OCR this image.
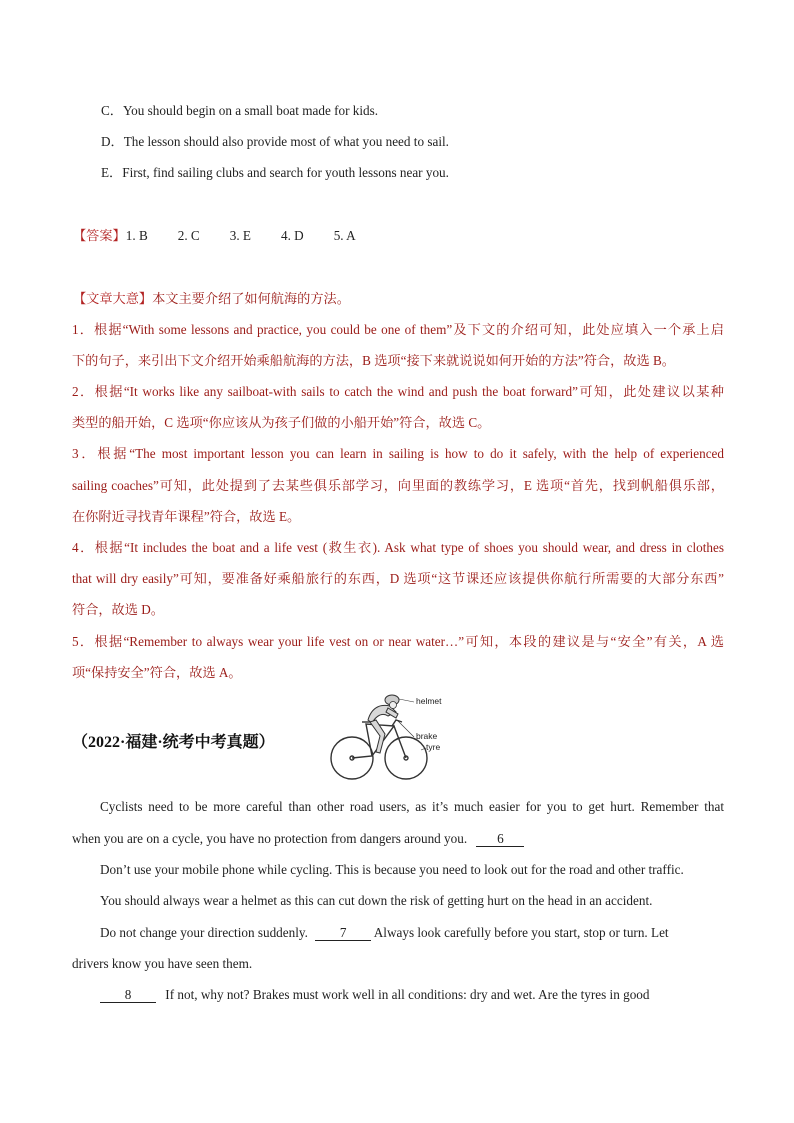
C．You should begin on a small boat made for kids.
D．The lesson should also provide most of what you need to sail.
E．First, find sailing clubs and search for youth lessons near you.
【答案】1. B 2. C 3. E 4. D 5. A
【文章大意】本文主要介绍了如何航海的方法。
1．根据“With some lessons and practice, you could be one of them”及下文的介绍可知，此处应填入一个承上启
下的句子，来引出下文介绍开始乘船航海的方法，B 选项“接下来就说说如何开始的方法”符合，故选 B。
2．根据“It works like any sailboat-with sails to catch the wind and push the boat forward”可知，此处建议以某种
类型的船开始，C 选项“你应该从为孩子们做的小船开始”符合，故选 C。
3．根据“The most important lesson you can learn in sailing is how to do it safely, with the help of experienced
sailing coaches”可知，此处提到了去某些俱乐部学习，向里面的教练学习，E 选项“首先，找到帆船俱乐部，
在你附近寻找青年课程”符合，故选 E。
4．根据“It includes the boat and a life vest (救生衣). Ask what type of shoes you should wear, and dress in clothes
that will dry easily”可知，要准备好乘船旅行的东西，D 选项“这节课还应该提供你航行所需要的大部分东西”
符合，故选 D。
5．根据“Remember to always wear your life vest on or near water…”可知，本段的建议是与“安全”有关，A 选
项“保持安全”符合，故选 A。
（2022·福建·统考中考真题）
helmet
brake
tyre
Cyclists need to be more careful than other road users, as it’s much easier for you to get hurt. Remember that
when you are on a cycle, you have no protection from dangers around you. 6
Don’t use your mobile phone while cycling. This is because you need to look out for the road and other traffic.
You should always wear a helmet as this can cut down the risk of getting hurt on the head in an accident.
Do not change your direction suddenly. 7 Always look carefully before you start, stop or turn. Let
drivers know you have seen them.
8	If not, why not? Brakes must work well in all conditions: dry and wet. Are the tyres in good
